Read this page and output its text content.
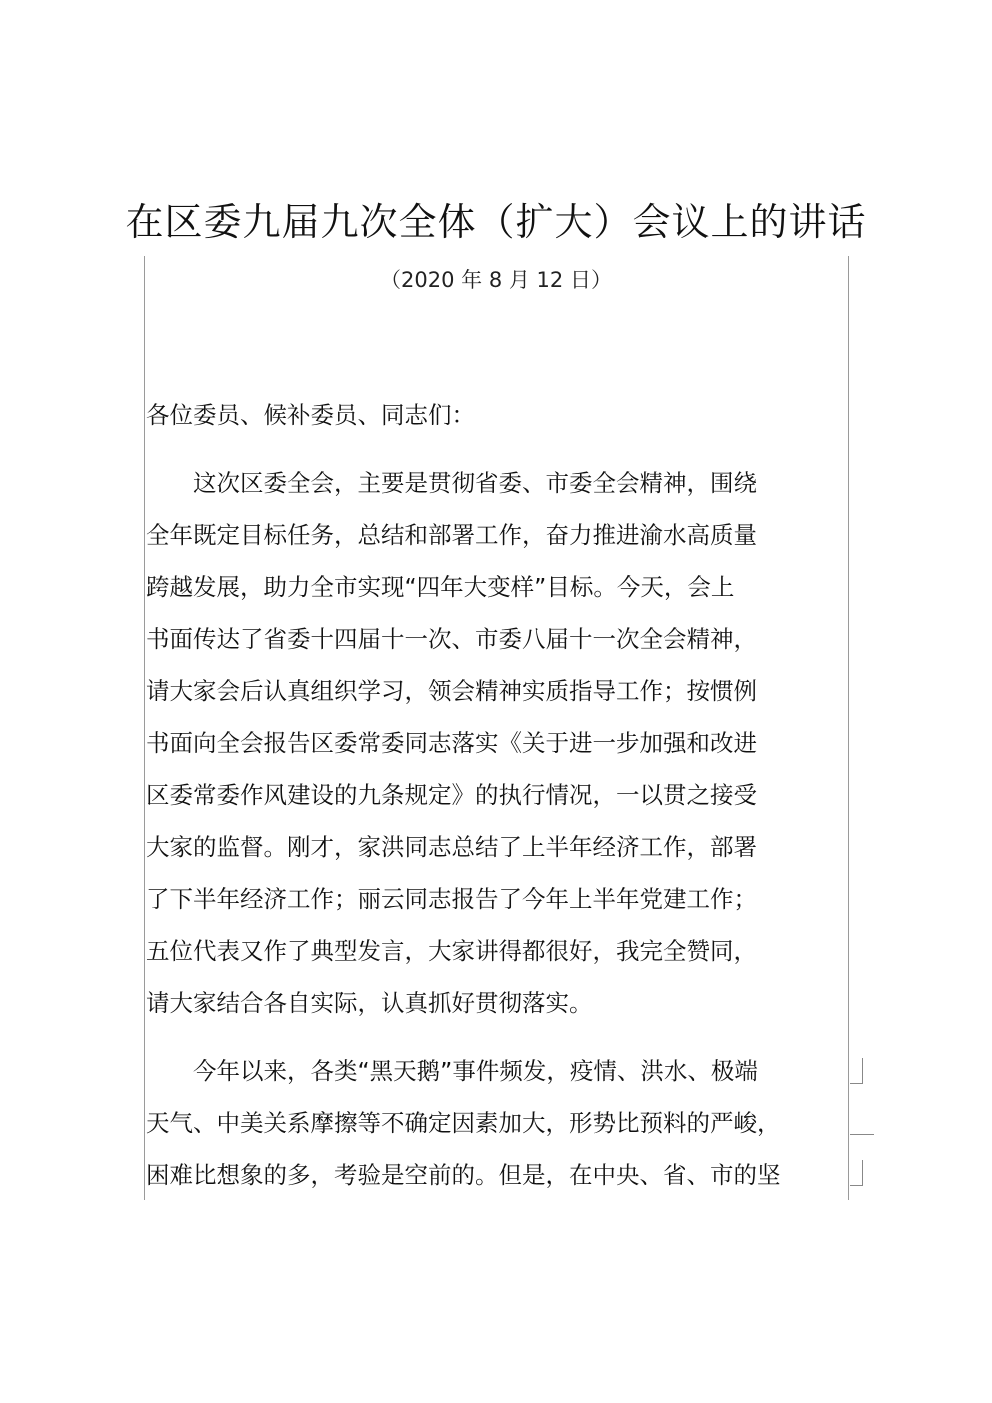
在区委九届九次全体（扩大）会议上的讲话
（2020 年 8 月 12 日）
各位委员、候补委员、同志们：
　　这次区委全会，主要是贯彻省委、市委全会精神，围绕
全年既定目标任务，总结和部署工作，奋力推进渝水高质量
跨越发展，助力全市实现“四年大变样”目标。今天，会上
书面传达了省委十四届十一次、市委八届十一次全会精神，
请大家会后认真组织学习，领会精神实质指导工作；按惯例
书面向全会报告区委常委同志落实《关于进一步加强和改进
区委常委作风建设的九条规定》的执行情况，一以贯之接受
大家的监督。刚才，家洪同志总结了上半年经济工作，部署
了下半年经济工作；丽云同志报告了今年上半年党建工作；
五位代表又作了典型发言，大家讲得都很好，我完全赞同，
请大家结合各自实际，认真抓好贯彻落实。
　　今年以来，各类“黑天鹅”事件频发，疫情、洪水、极端
天气、中美关系摩擦等不确定因素加大，形势比预料的严峻，
困难比想象的多，考验是空前的。但是，在中央、省、市的坚
